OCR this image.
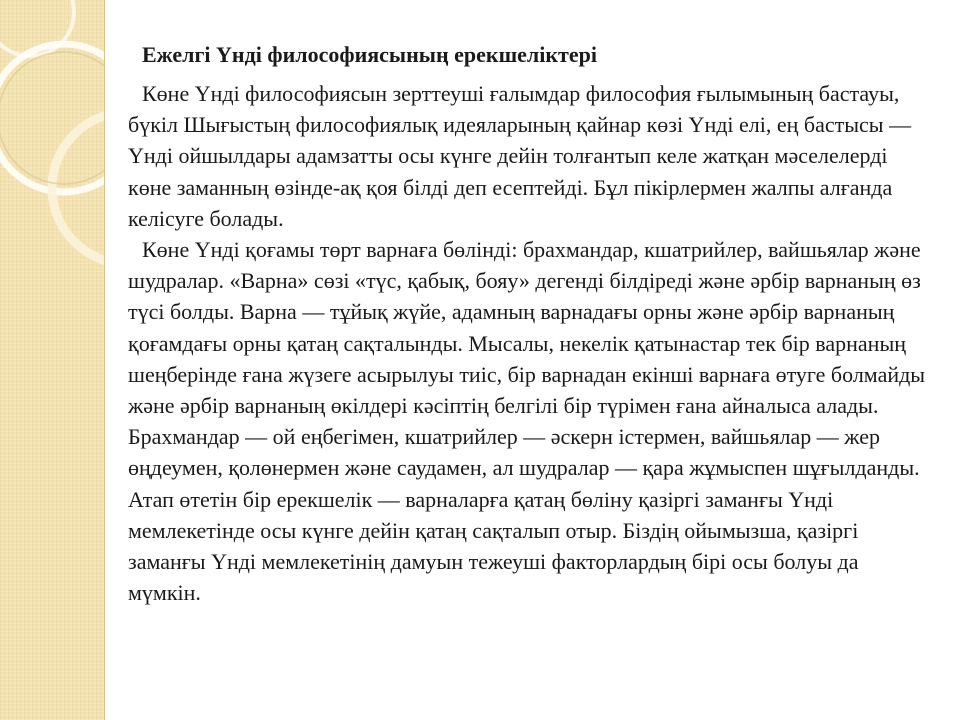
Ежелгі Үнді философиясының ерекшеліктері

Көне Үнді философиясын зерттеуші ғалымдар философия ғылымының бастауы, бүкіл Шығыстың философиялық идеяларының қайнар көзі Үнді елі, ең бастысы — Үнді ойшылдары адамзатты осы күнге дейін толғантып келе жатқан мәселелерді көне заманның өзінде-ақ қоя білді деп есептейді. Бұл пікірлермен жалпы алғанда келісуге болады.

Көне Үнді қоғамы төрт варнаға бөлінді: брахмандар, кшатрийлер, вайшьялар және шудралар. «Варна» сөзі «түс, қабық, бояу» дегенді білдіреді және әрбір варнаның өз түсі болды. Варна — тұйық жүйе, адамның варнадағы орны және әрбір варнаның қоғамдағы орны қатаң сақталынды. Мысалы, некелік қатынастар тек бір варнаның шеңберінде ғана жүзеге асырылуы тиіс, бір варнадан екінші варнаға өтуге болмайды және әрбір варнаның өкілдері кәсіптің белгілі бір түрімен ғана айналыса алады. Брахмандар — ой еңбегімен, кшатрийлер — әскерн істермен, вайшьялар — жер өңдеумен, қолөнермен және саудамен, ал шудралар — қара жұмыспен шұғылданды. Атап өтетін бір ерекшелік — варналарға қатаң бөліну қазіргі заманғы Үнді мемлекетінде осы күнге дейін қатаң сақталып отыр. Біздің ойымызша, қазіргі заманғы Үнді мемлекетінің дамуын тежеуші факторлардың бірі осы болуы да мүмкін.
